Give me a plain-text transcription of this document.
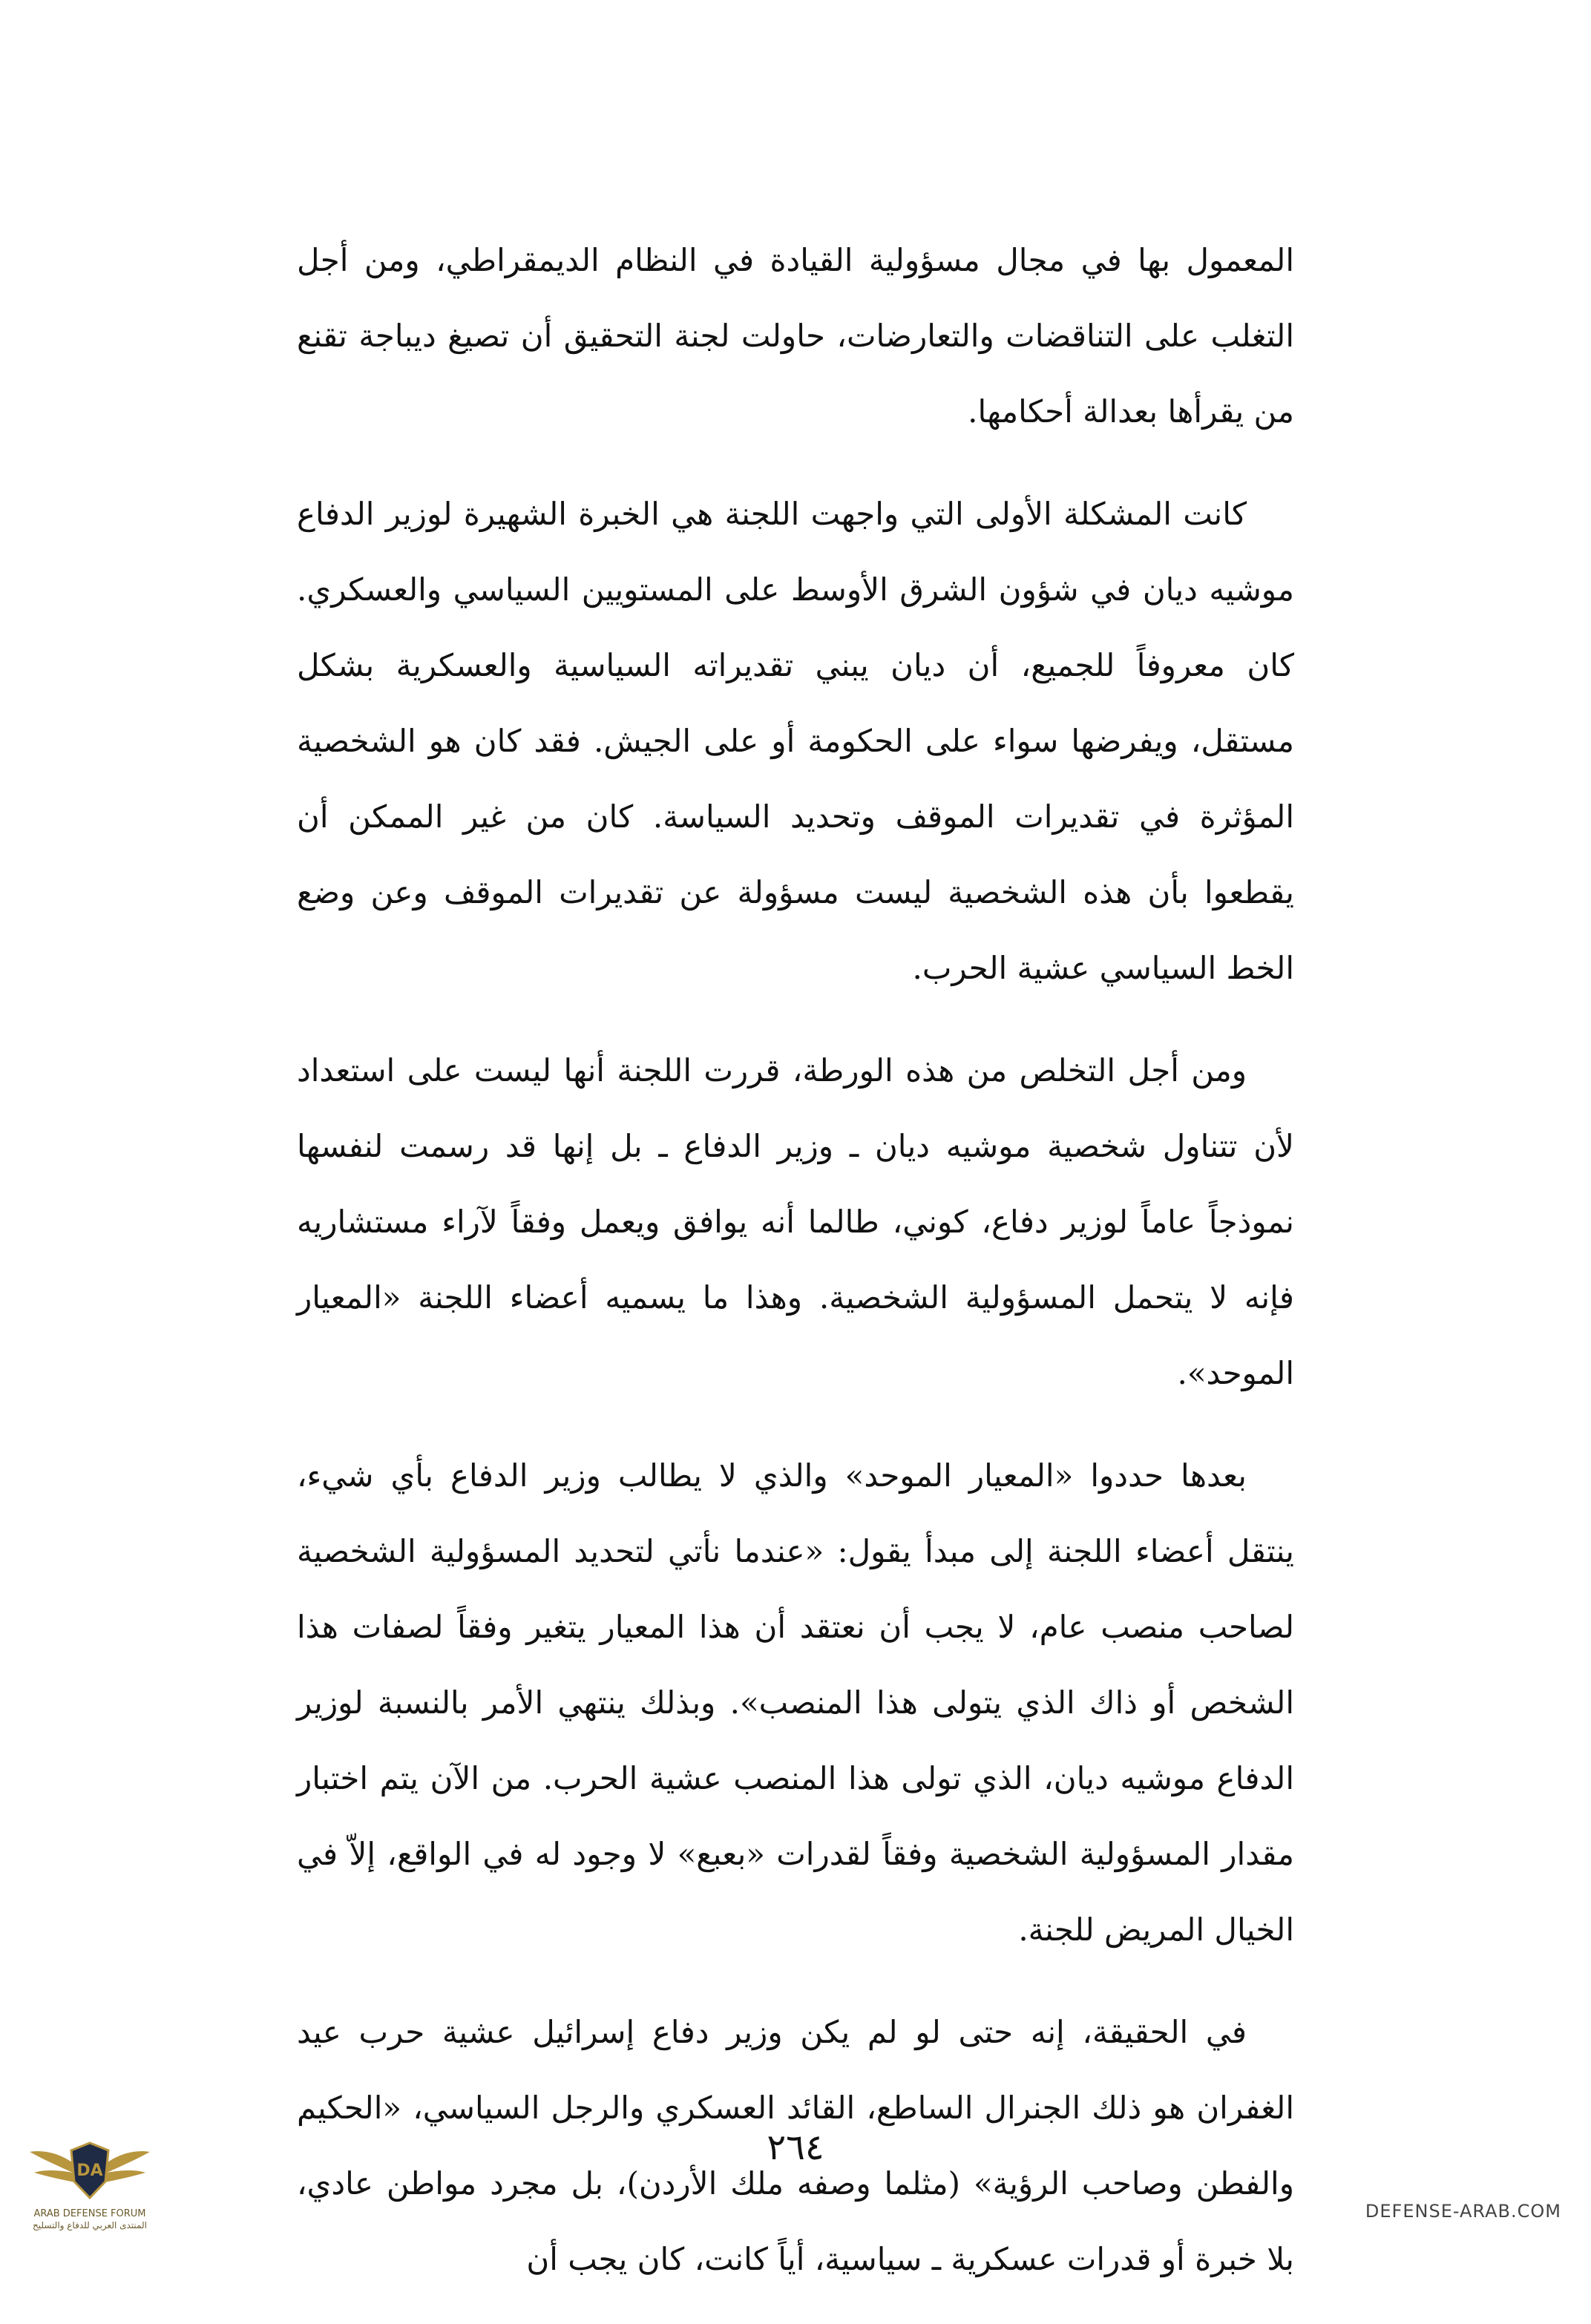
المعمول بها في مجال مسؤولية القيادة في النظام الديمقراطي، ومن أجل التغلب على التناقضات والتعارضات، حاولت لجنة التحقيق أن تصيغ ديباجة تقنع من يقرأها بعدالة أحكامها.

كانت المشكلة الأولى التي واجهت اللجنة هي الخبرة الشهيرة لوزير الدفاع موشيه ديان في شؤون الشرق الأوسط على المستويين السياسي والعسكري. كان معروفاً للجميع، أن ديان يبني تقديراته السياسية والعسكرية بشكل مستقل، ويفرضها سواء على الحكومة أو على الجيش. فقد كان هو الشخصية المؤثرة في تقديرات الموقف وتحديد السياسة. كان من غير الممكن أن يقطعوا بأن هذه الشخصية ليست مسؤولة عن تقديرات الموقف وعن وضع الخط السياسي عشية الحرب.

ومن أجل التخلص من هذه الورطة، قررت اللجنة أنها ليست على استعداد لأن تتناول شخصية موشيه ديان ـ وزير الدفاع ـ بل إنها قد رسمت لنفسها نموذجاً عاماً لوزير دفاع، كوني، طالما أنه يوافق ويعمل وفقاً لآراء مستشاريه فإنه لا يتحمل المسؤولية الشخصية. وهذا ما يسميه أعضاء اللجنة «المعيار الموحد».

بعدها حددوا «المعيار الموحد» والذي لا يطالب وزير الدفاع بأي شيء، ينتقل أعضاء اللجنة إلى مبدأ يقول: «عندما نأتي لتحديد المسؤولية الشخصية لصاحب منصب عام، لا يجب أن نعتقد أن هذا المعيار يتغير وفقاً لصفات هذا الشخص أو ذاك الذي يتولى هذا المنصب». وبذلك ينتهي الأمر بالنسبة لوزير الدفاع موشيه ديان، الذي تولى هذا المنصب عشية الحرب. من الآن يتم اختبار مقدار المسؤولية الشخصية وفقاً لقدرات «بعبع» لا وجود له في الواقع، إلاّ في الخيال المريض للجنة.

في الحقيقة، إنه حتى لو لم يكن وزير دفاع إسرائيل عشية حرب عيد الغفران هو ذلك الجنرال الساطع، القائد العسكري والرجل السياسي، «الحكيم والفطن وصاحب الرؤية» (مثلما وصفه ملك الأردن)، بل مجرد مواطن عادي، بلا خبرة أو قدرات عسكرية ـ سياسية، أياً كانت، كان يجب أن

٢٦٤
DA
ARAB DEFENSE FORUM
المنتدى العربي للدفاع والتسليح
DEFENSE-ARAB.COM
